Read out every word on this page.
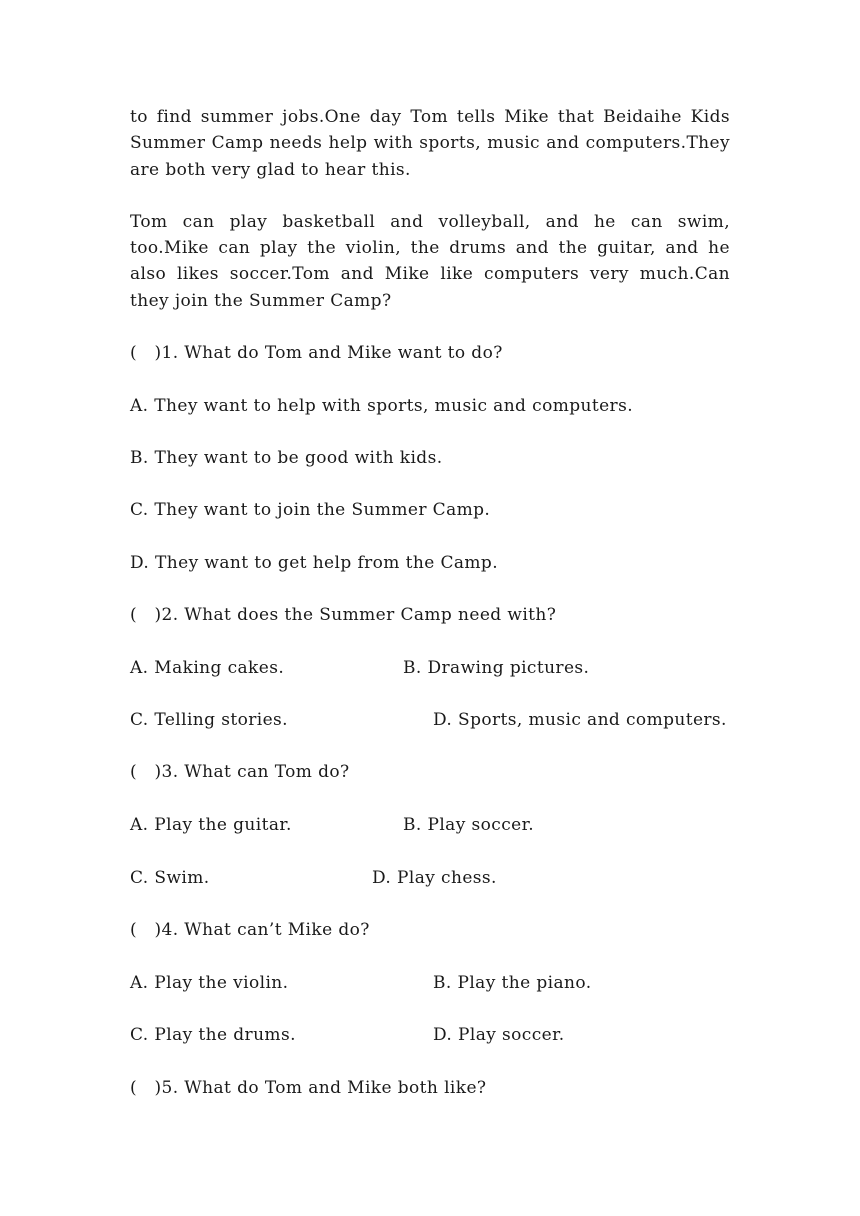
to find summer jobs.One day Tom tells Mike that Beidaihe Kids
Summer Camp needs help with sports, music and computers.They
are both very glad to hear this.
Tom can play basketball and volleyball, and he can swim,
too.Mike can play the violin, the drums and the guitar, and he
also likes soccer.Tom and Mike like computers very much.Can
they join the Summer Camp?
(   )1. What do Tom and Mike want to do?
A. They want to help with sports, music and computers.
B. They want to be good with kids.
C. They want to join the Summer Camp.
D. They want to get help from the Camp.
(   )2. What does the Summer Camp need with?
A. Making cakes.	B. Drawing pictures.
C. Telling stories.	D. Sports, music and computers.
(   )3. What can Tom do?
A. Play the guitar.	B. Play soccer.
C. Swim.	D. Play chess.
(   )4. What can’t Mike do?
A. Play the violin.	B. Play the piano.
C. Play the drums.	D. Play soccer.
(   )5. What do Tom and Mike both like?
